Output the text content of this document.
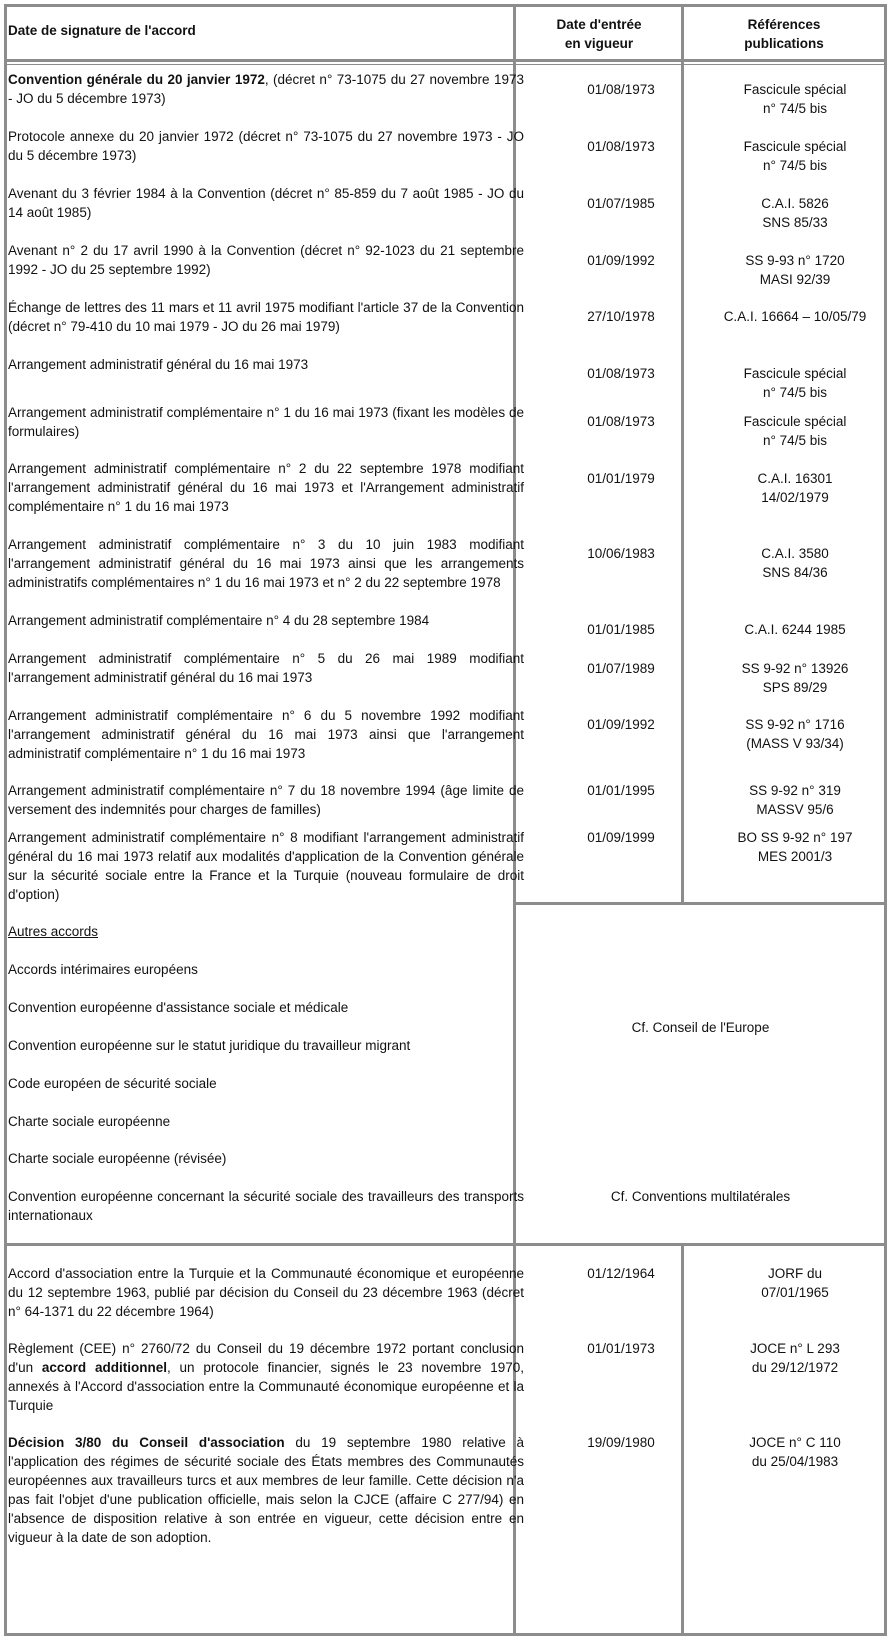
Date de signature de l'accord	Date d'entrée
en vigueur
Références
publications
Convention générale du 20 janvier 1972, (décret n° 73-1075 du 27 novembre 1973 - JO du 5 décembre 1973)
Protocole annexe du 20 janvier 1972 (décret n° 73-1075 du 27 novembre 1973 - JO du 5 décembre 1973)
Avenant du 3 février 1984 à la Convention (décret n° 85-859 du 7 août 1985 - JO du 14 août 1985)
Avenant n° 2 du 17 avril 1990 à la Convention (décret n° 92-1023 du 21 septembre 1992 - JO du 25 septembre 1992)
Échange de lettres des 11 mars et 11 avril 1975 modifiant l'article 37 de la Convention (décret n° 79-410 du 10 mai 1979 - JO du 26 mai 1979)
Arrangement administratif général du 16 mai 1973
Arrangement administratif complémentaire n° 1 du 16 mai 1973 (fixant les modèles de formulaires)
Arrangement administratif complémentaire n° 2 du 22 septembre 1978 modifiant l'arrangement administratif général du 16 mai 1973 et l'Arrangement administratif complémentaire n° 1 du 16 mai 1973
Arrangement administratif complémentaire n° 3 du 10 juin 1983 modifiant l'arrangement administratif général du 16 mai 1973 ainsi que les arrangements administratifs complémentaires n° 1 du 16 mai 1973 et n° 2 du 22 septembre 1978
Arrangement administratif complémentaire n° 4 du 28 septembre 1984
Arrangement administratif complémentaire n° 5 du 26 mai 1989 modifiant l'arrangement administratif général du 16 mai 1973
Arrangement administratif complémentaire n° 6 du 5 novembre 1992 modifiant l'arrangement administratif général du 16 mai 1973 ainsi que l'arrangement administratif complémentaire n° 1 du 16 mai 1973
Arrangement administratif complémentaire n° 7 du 18 novembre 1994 (âge limite de versement des indemnités pour charges de familles)
Arrangement administratif complémentaire n° 8 modifiant l'arrangement administratif général du 16 mai 1973 relatif aux modalités d'application de la Convention générale sur la sécurité sociale entre la France et la Turquie (nouveau formulaire de droit d'option)
01/08/1973
01/08/1973
01/07/1985
01/09/1992
27/10/1978
01/08/1973
01/08/1973
01/01/1979
10/06/1983
01/01/1985
01/07/1989
01/09/1992
01/01/1995
01/09/1999
Fascicule spécial
n° 74/5 bis
Fascicule spécial
n° 74/5 bis
C.A.I. 5826
SNS 85/33
SS 9-93 n° 1720
MASI 92/39
C.A.I. 16664 – 10/05/79
Fascicule spécial
n° 74/5 bis
Fascicule spécial
n° 74/5 bis
C.A.I. 16301
14/02/1979
C.A.I. 3580
SNS 84/36
C.A.I. 6244 1985
SS 9-92 n° 13926
SPS 89/29
SS 9-92 n° 1716
(MASS V 93/34)
SS 9-92 n° 319
MASSV 95/6
BO SS 9-92 n° 197
MES 2001/3
Autres accords
Accords intérimaires européens
Convention européenne d'assistance sociale et médicale
Convention européenne sur le statut juridique du travailleur migrant
Code européen de sécurité sociale
Charte sociale européenne
Charte sociale européenne (révisée)
Convention européenne concernant la sécurité sociale des travailleurs des transports internationaux
Cf. Conseil de l'Europe
Cf. Conventions multilatérales
Accord d'association entre la Turquie et la Communauté économique et européenne du 12 septembre 1963, publié par décision du Conseil du 23 décembre 1963 (décret n° 64-1371 du 22 décembre 1964)
Règlement (CEE) n° 2760/72 du Conseil du 19 décembre 1972 portant conclusion d'un accord additionnel, un protocole financier, signés le 23 novembre 1970, annexés à l'Accord d'association entre la Communauté économique européenne et la Turquie
Décision 3/80 du Conseil d'association du 19 septembre 1980 relative à l'application des régimes de sécurité sociale des États membres des Communautés européennes aux travailleurs turcs et aux membres de leur famille. Cette décision n'a pas fait l'objet d'une publication officielle, mais selon la CJCE (affaire C 277/94) en l'absence de disposition relative à son entrée en vigueur, cette décision entre en vigueur à la date de son adoption.
01/12/1964
01/01/1973
19/09/1980
JORF du
07/01/1965
JOCE n° L 293
du 29/12/1972
JOCE n° C 110
du 25/04/1983
